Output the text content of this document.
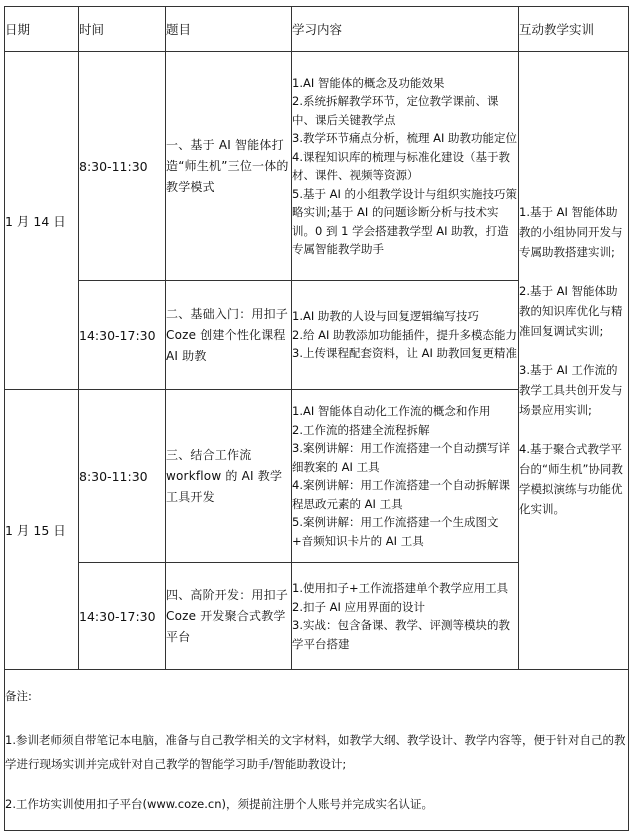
日期	时间	题目	学习内容	互动教学实训
1 月 14 日	8:30-11:30	一、基于 AI 智能体打造“师生机”三位一体的教学模式	1.AI 智能体的概念及功能效果
2.系统拆解教学环节，定位教学课前、课中、课后关键教学点
3.教学环节痛点分析，梳理 AI 助教功能定位
4.课程知识库的梳理与标准化建设（基于教材、课件、视频等资源）
5.基于 AI 的小组教学设计与组织实施技巧策略实训;基于 AI 的问题诊断分析与技术实训。0 到 1 学会搭建教学型 AI 助教，打造专属智能教学助手	1.基于 AI 智能体助教的小组协同开发与专属助教搭建实训;
2.基于 AI 智能体助教的知识库优化与精准回复调试实训;
3.基于 AI 工作流的教学工具共创开发与场景应用实训;
4.基于聚合式教学平台的“师生机”协同教学模拟演练与功能优化实训。

	14:30-17:30	二、基础入门：用扣子 Coze 创建个性化课程 AI 助教	1.AI 助教的人设与回复逻辑编写技巧
2.给 AI 助教添加功能插件，提升多模态能力
3.上传课程配套资料，让 AI 助教回复更精准	

1 月 15 日	8:30-11:30	三、结合工作流 workflow 的 AI 教学工具开发	1.AI 智能体自动化工作流的概念和作用
2.工作流的搭建全流程拆解
3.案例讲解：用工作流搭建一个自动撰写详细教案的 AI 工具
4.案例讲解：用工作流搭建一个自动拆解课程思政元素的 AI 工具
5.案例讲解：用工作流搭建一个生成图文+音频知识卡片的 AI 工具	

	14:30-17:30	四、高阶开发：用扣子 Coze 开发聚合式教学平台	1.使用扣子+工作流搭建单个教学应用工具
2.扣子 AI 应用界面的设计
3.实战：包含备课、教学、评测等模块的教学平台搭建	

备注:
1.参训老师须自带笔记本电脑，准备与自己教学相关的文字材料，如教学大纲、教学设计、教学内容等，便于针对自己的教学进行现场实训并完成针对自己教学的智能学习助手/智能助教设计;
2.工作坊实训使用扣子平台(www.coze.cn)，须提前注册个人账号并完成实名认证。				
